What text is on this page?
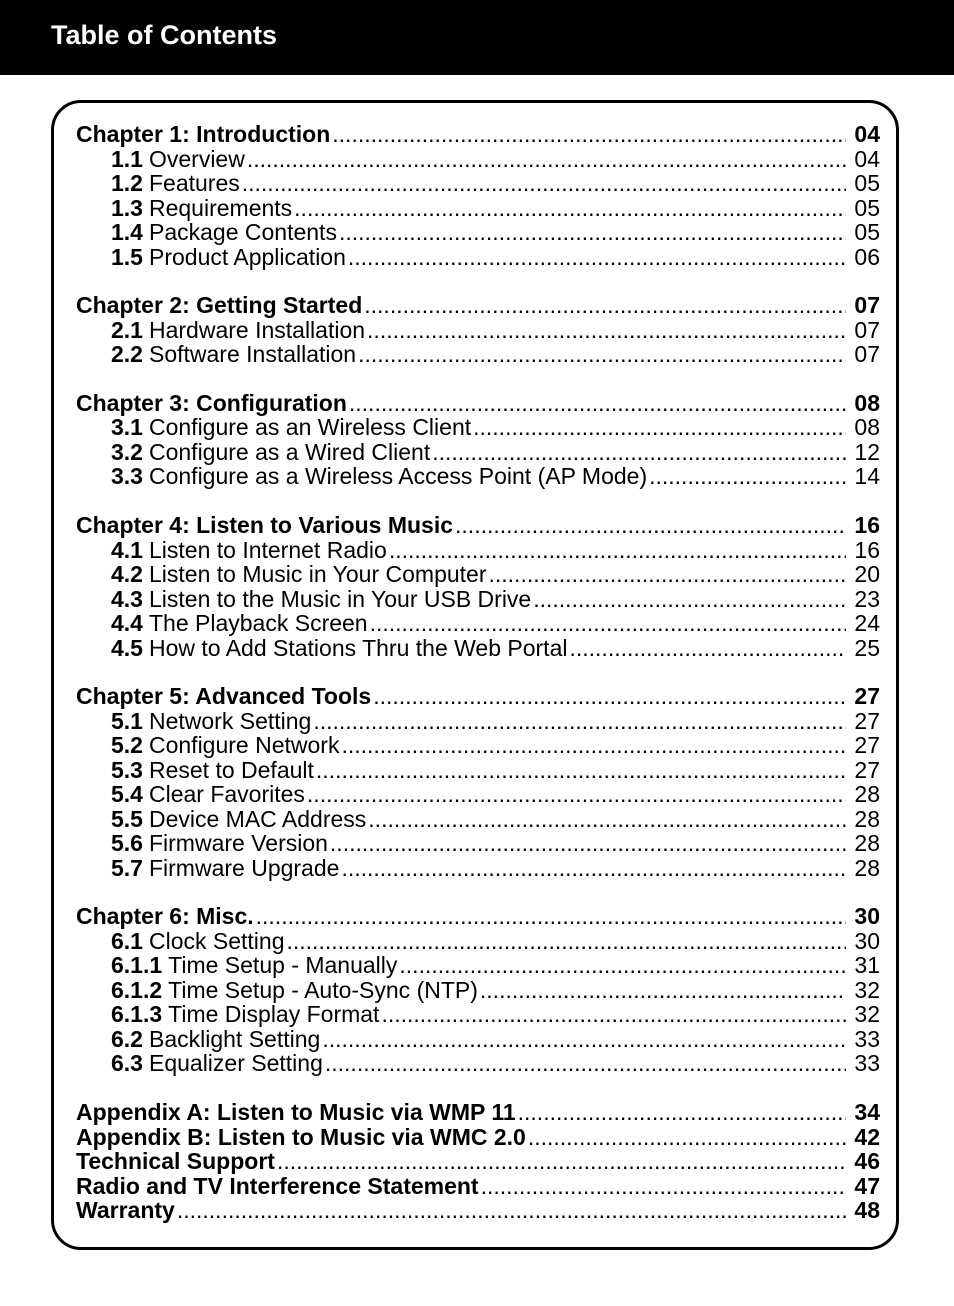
Table of Contents
Chapter 1: Introduction .....	04
1.1 Overview .....	04
1.2 Features .....	05
1.3 Requirements .....	05
1.4 Package Contents .....	05
1.5 Product Application .....	06
Chapter 2: Getting Started .....	07
2.1 Hardware Installation .....	07
2.2 Software Installation .....	07
Chapter 3: Configuration .....	08
3.1 Configure as an Wireless Client .....	08
3.2 Configure as a Wired Client .....	12
3.3 Configure as a Wireless Access Point (AP Mode) .....	14
Chapter 4: Listen to Various Music .....	16
4.1 Listen to Internet Radio .....	16
4.2 Listen to Music in Your Computer .....	20
4.3 Listen to the Music in Your USB Drive .....	23
4.4 The Playback Screen .....	24
4.5 How to Add Stations Thru the Web Portal .....	25
Chapter 5: Advanced Tools .....	27
5.1 Network Setting .....	27
5.2 Configure Network .....	27
5.3 Reset to Default .....	27
5.4 Clear Favorites .....	28
5.5 Device MAC Address .....	28
5.6 Firmware Version .....	28
5.7 Firmware Upgrade .....	28
Chapter 6: Misc. .....	30
6.1 Clock Setting .....	30
6.1.1 Time Setup - Manually .....	31
6.1.2 Time Setup - Auto-Sync (NTP) .....	32
6.1.3 Time Display Format .....	32
6.2 Backlight Setting .....	33
6.3 Equalizer Setting .....	33
Appendix A: Listen to Music via WMP 11 .....	34
Appendix B: Listen to Music via WMC 2.0 .....	42
Technical Support .....	46
Radio and TV Interference Statement .....	47
Warranty .....	48
